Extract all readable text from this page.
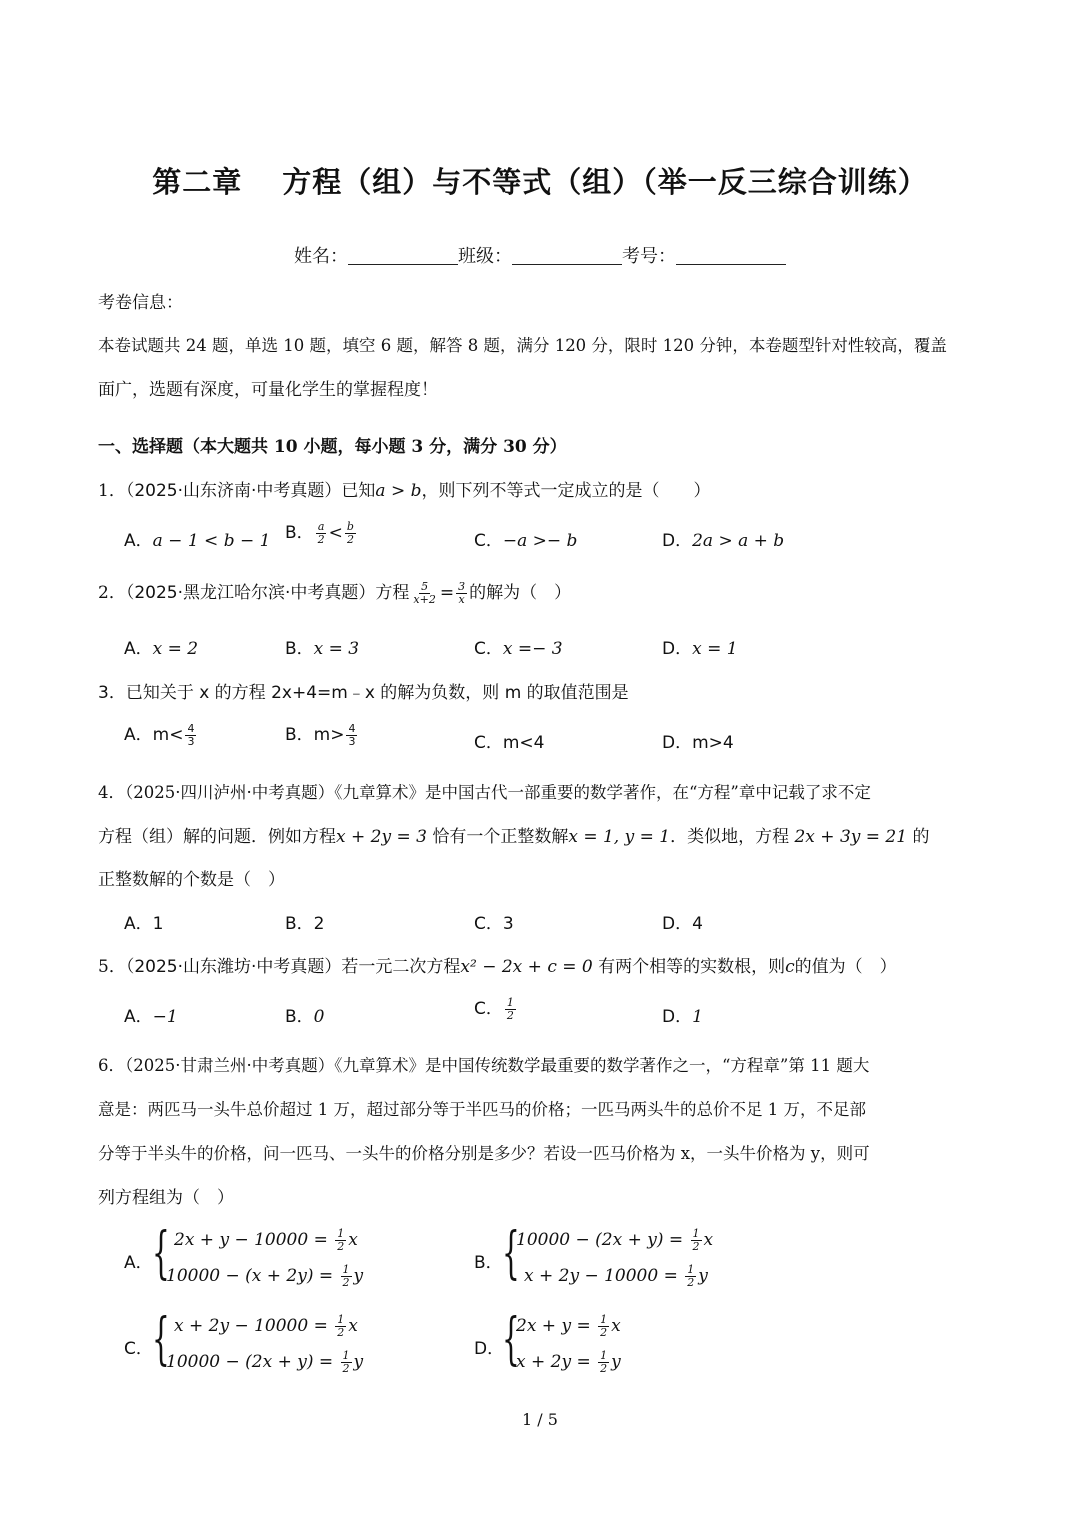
第二章 方程（组）与不等式（组）（举一反三综合训练）
姓名：	班级：	考号：
考卷信息：
本卷试题共 24 题，单选 10 题，填空 6 题，解答 8 题，满分 120 分，限时 120 分钟，本卷题型针对性较高，覆盖
面广，选题有深度，可量化学生的掌握程度！
一、选择题（本大题共 10 小题，每小题 3 分，满分 30 分）
1．（2025·山东济南·中考真题）已知a > b，则下列不等式一定成立的是（　　）
A．a − 1 < b − 1 B． $\frac{a}{2} < \frac{b}{2}$	C．−a >− b	D．2a > a + b
2．（2025·黑龙江哈尔滨·中考真题）方程 $\frac{5}{x+2} = \frac{3}{x}$ 的解为（　）
A．x = 2	B．x = 3	C．x =− 3	D．x = 1
3．已知关于 x 的方程 2x+4=m﹣x 的解为负数，则 m 的取值范围是
A．$m< \frac{4}{3}$	B．$m> \frac{4}{3}$	C．m<4	D．m>4
4．（2025·四川泸州·中考真题）《九章算术》是中国古代一部重要的数学著作，在“方程”章中记载了求不定
方程（组）解的问题．例如方程x + 2y = 3 恰有一个正整数解x = 1, y = 1．类似地，方程 2x + 3y = 21 的
正整数解的个数是（　）
A．1	B．2	C．3	D．4
5．（2025·山东潍坊·中考真题）若一元二次方程x² − 2x + c = 0 有两个相等的实数根，则c的值为（　）
A．−1	B．0	C． $\frac{1}{2}$	D．1
6．（2025·甘肃兰州·中考真题）《九章算术》是中国传统数学最重要的数学著作之一，“方程章”第 11 题大
意是：两匹马一头牛总价超过 1 万，超过部分等于半匹马的价格；一匹马两头牛的总价不足 1 万，不足部
分等于半头牛的价格，问一匹马、一头牛的价格分别是多少？若设一匹马价格为 x，一头牛价格为 y，则可
列方程组为（　）
A． { $2x + y - 10000 = \frac{1}{2}$ x
$10000 - (x + 2y) = \frac{1}{2}$ y
B． {
$10000 - (2x + y) = \frac{1}{2}$ x
$x + 2y - 10000 = \frac{1}{2}$ y
C． { $x + 2y - 10000 = \frac{1}{2}$ x
$10000 - (2x + y) = \frac{1}{2}$ y
D．
{
$2x + y = \frac{1}{2}$ x
$x + 2y = \frac{1}{2}$ y
1 / 5
